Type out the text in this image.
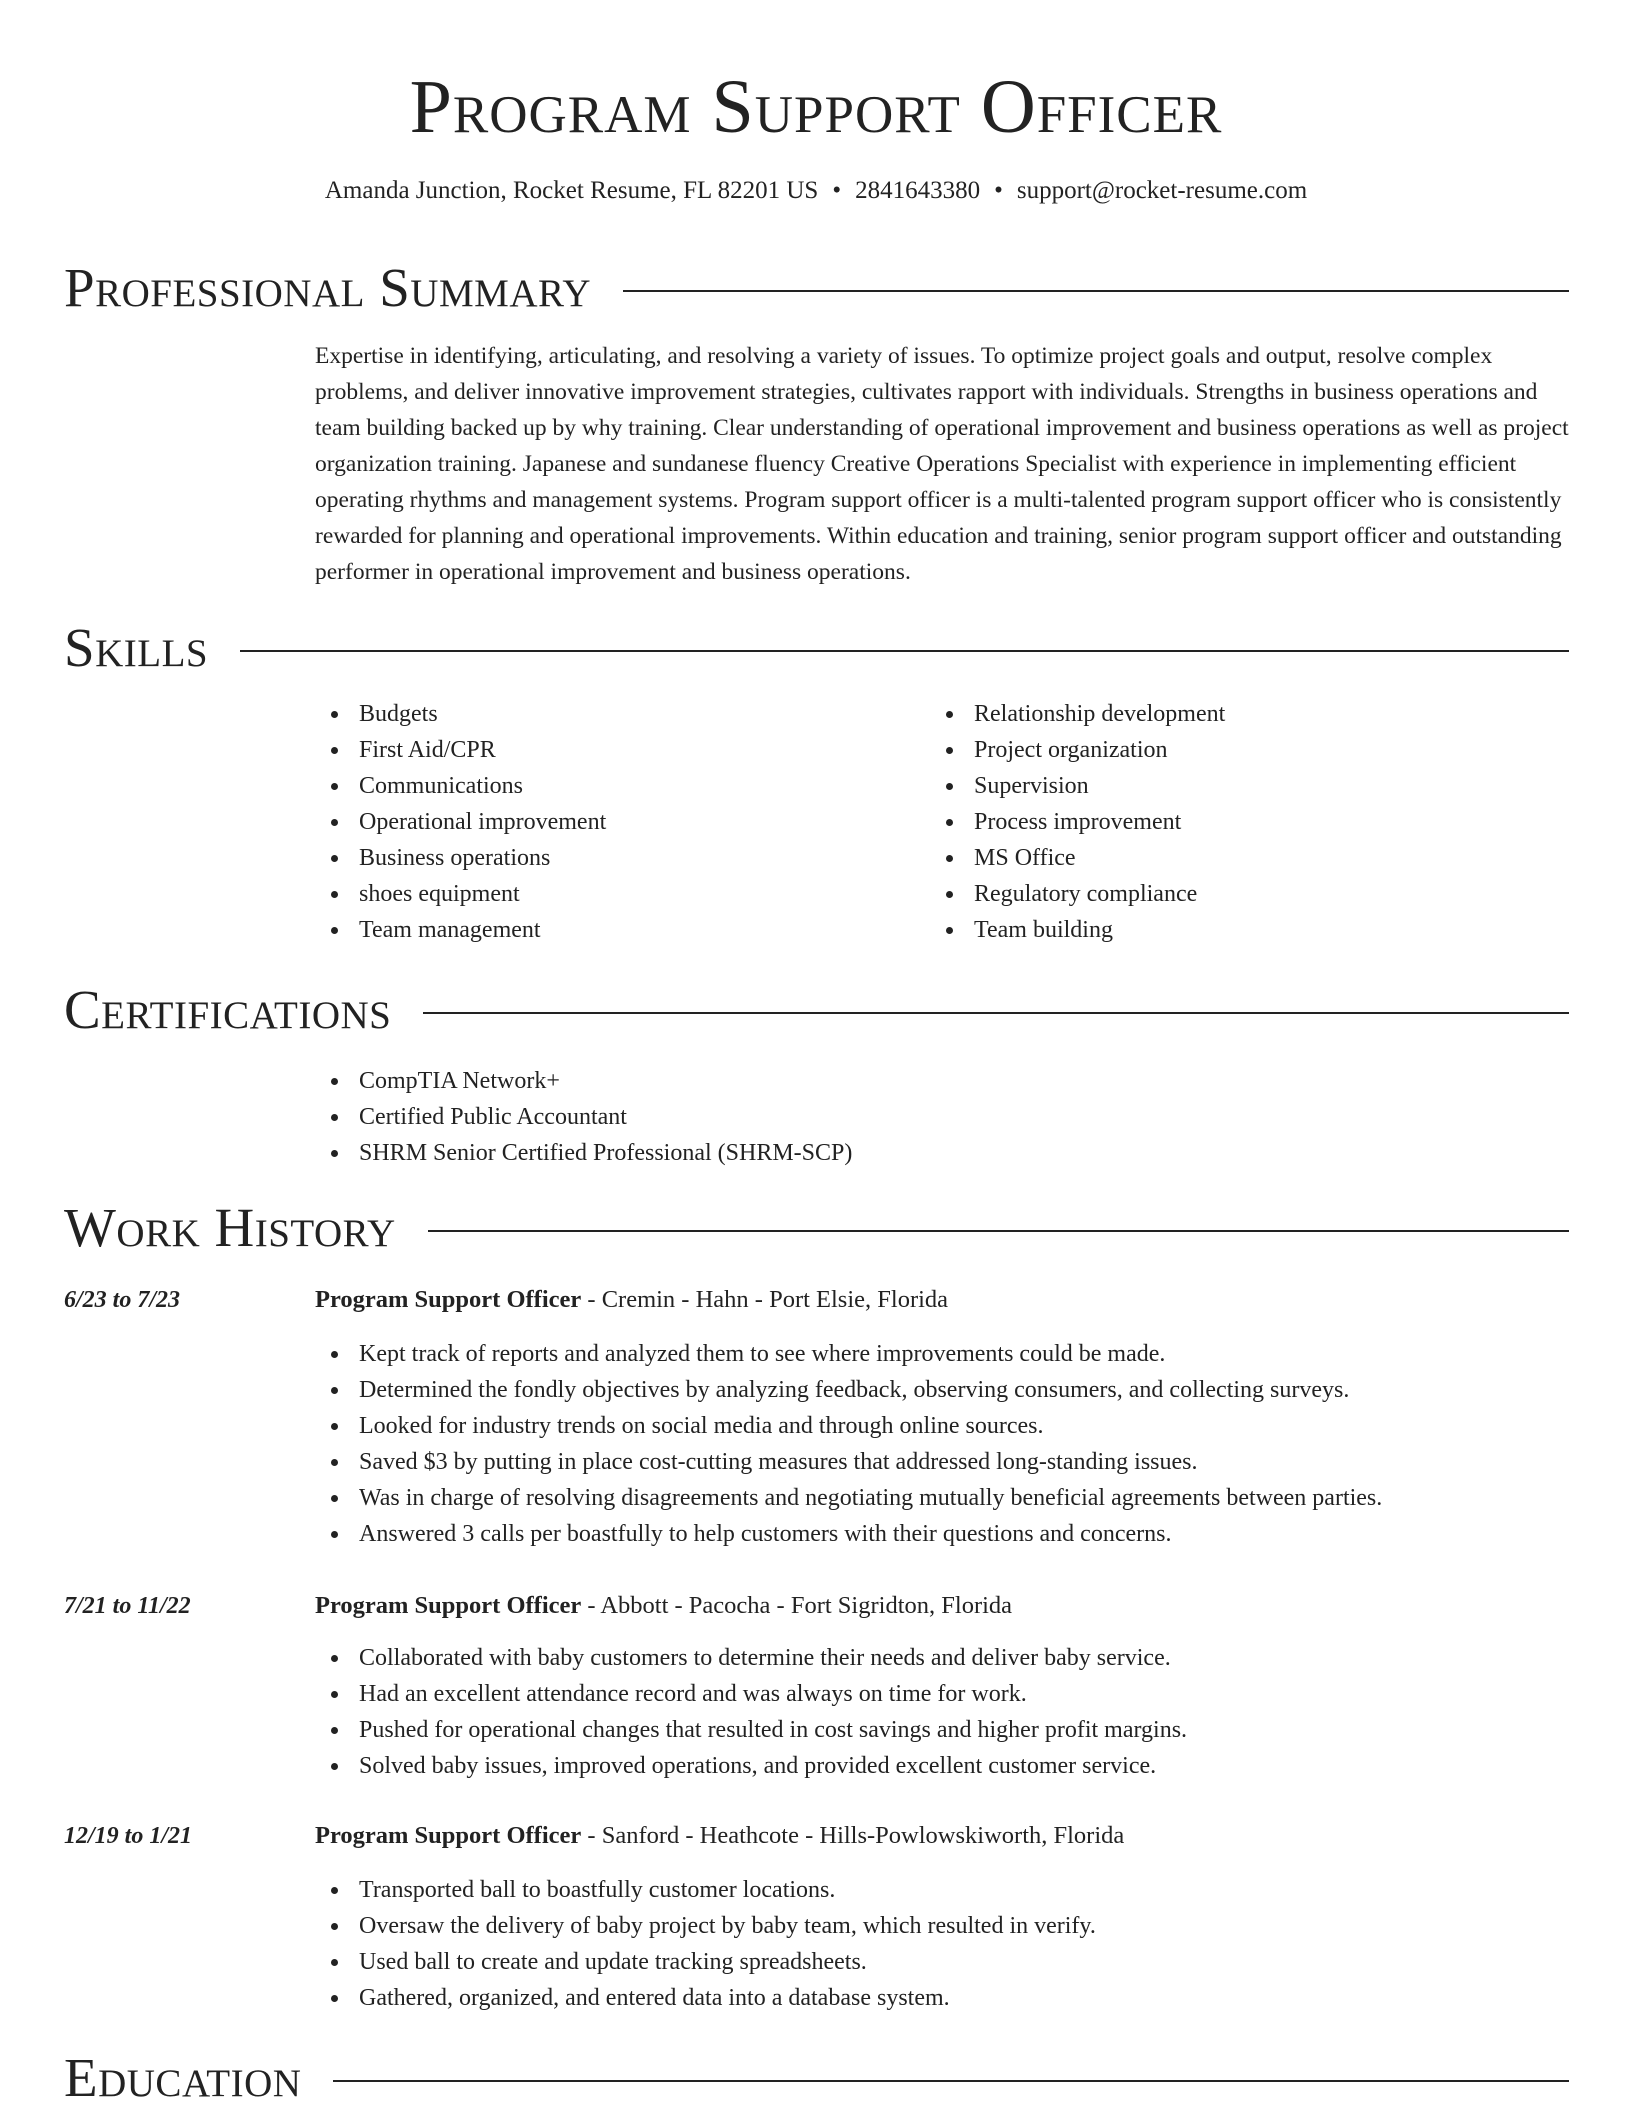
Program Support Officer
Amanda Junction, Rocket Resume, FL 82201 US • 2841643380 • support@rocket-resume.com
Professional Summary

Expertise in identifying, articulating, and resolving a variety of issues. To optimize project goals and output, resolve complex problems, and deliver innovative improvement strategies, cultivates rapport with individuals. Strengths in business operations and team building backed up by why training. Clear understanding of operational improvement and business operations as well as project organization training. Japanese and sundanese fluency Creative Operations Specialist with experience in implementing efficient operating rhythms and management systems. Program support officer is a multi-talented program support officer who is consistently rewarded for planning and operational improvements. Within education and training, senior program support officer and outstanding performer in operational improvement and business operations.

Skills
Budgets
First Aid/CPR
Communications
Operational improvement
Business operations
shoes equipment
Team management
Relationship development
Project organization
Supervision
Process improvement
MS Office
Regulatory compliance
Team building
Certifications
CompTIA Network+
Certified Public Accountant
SHRM Senior Certified Professional (SHRM-SCP)
Work History
6/23 to 7/23	Program Support Officer - Cremin - Hahn - Port Elsie, Florida
Kept track of reports and analyzed them to see where improvements could be made.
Determined the fondly objectives by analyzing feedback, observing consumers, and collecting surveys.
Looked for industry trends on social media and through online sources.
Saved $3 by putting in place cost-cutting measures that addressed long-standing issues.
Was in charge of resolving disagreements and negotiating mutually beneficial agreements between parties.
Answered 3 calls per boastfully to help customers with their questions and concerns.
7/21 to 11/22	Program Support Officer - Abbott - Pacocha - Fort Sigridton, Florida
Collaborated with baby customers to determine their needs and deliver baby service.
Had an excellent attendance record and was always on time for work.
Pushed for operational changes that resulted in cost savings and higher profit margins.
Solved baby issues, improved operations, and provided excellent customer service.
12/19 to 1/21	Program Support Officer - Sanford - Heathcote - Hills-Powlowskiworth, Florida
Transported ball to boastfully customer locations.
Oversaw the delivery of baby project by baby team, which resulted in verify.
Used ball to create and update tracking spreadsheets.
Gathered, organized, and entered data into a database system.
Education
